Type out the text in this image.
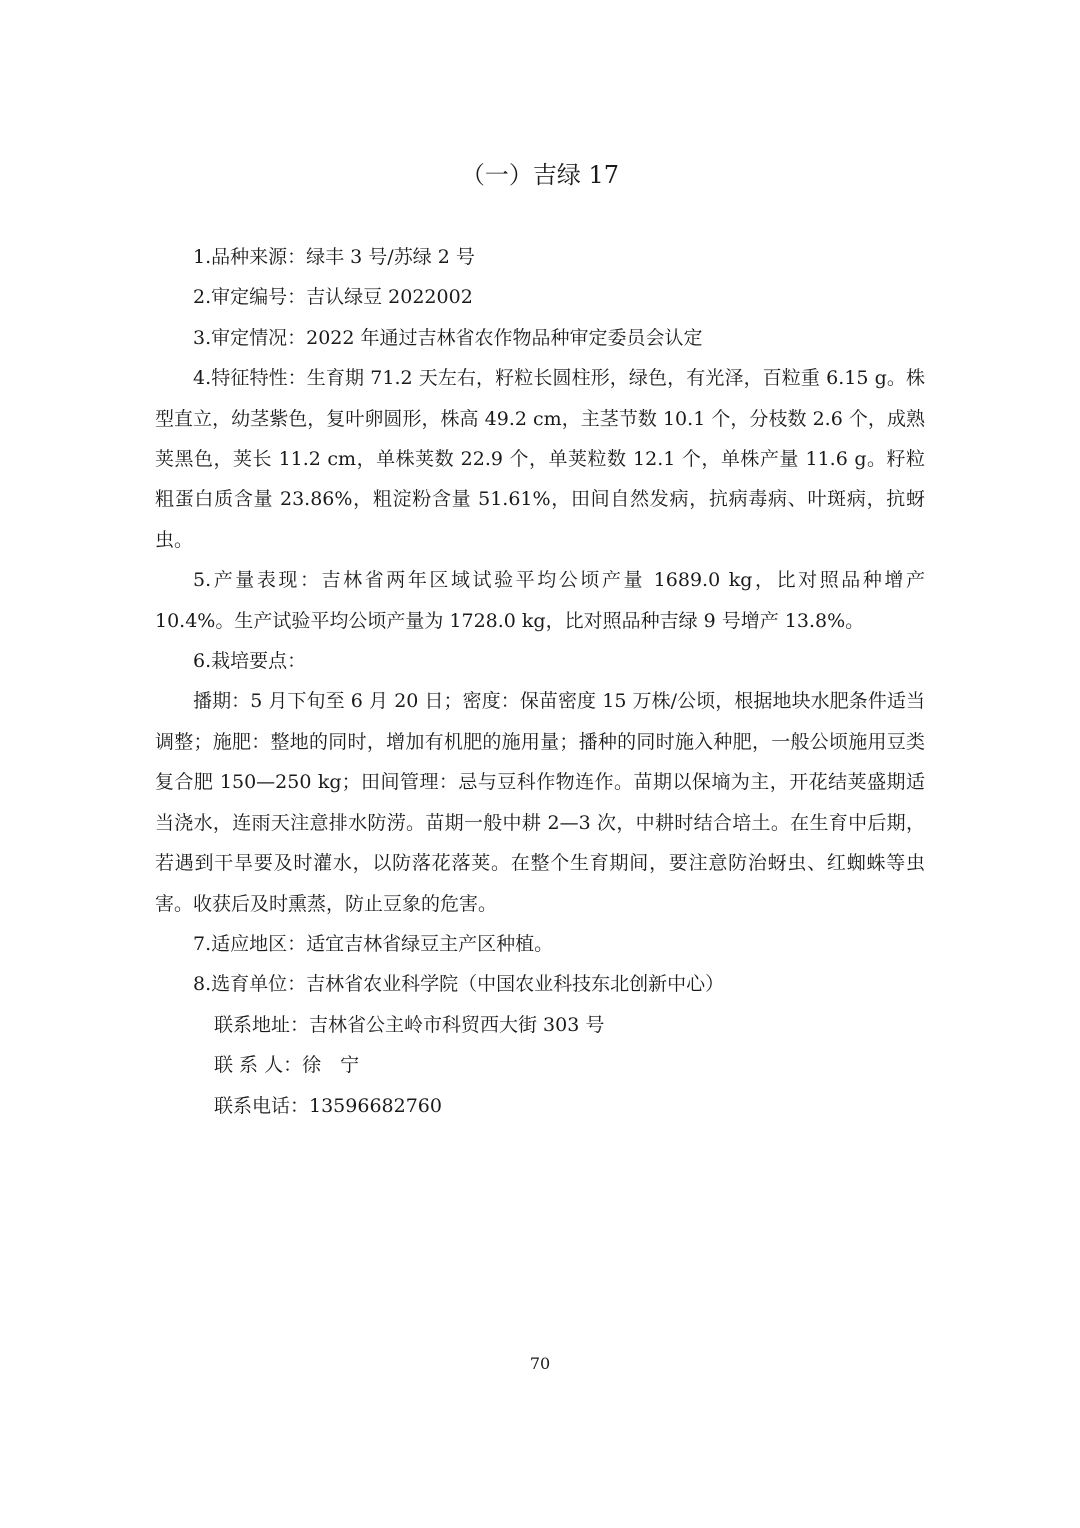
（一）吉绿 17

1.品种来源：绿丰 3 号/苏绿 2 号

2.审定编号：吉认绿豆 2022002

3.审定情况：2022 年通过吉林省农作物品种审定委员会认定

4.特征特性：生育期 71.2 天左右，籽粒长圆柱形，绿色，有光泽，百粒重 6.15 g。株型直立，幼茎紫色，复叶卵圆形，株高 49.2 cm，主茎节数 10.1 个，分枝数 2.6 个，成熟荚黑色，荚长 11.2 cm，单株荚数 22.9 个，单荚粒数 12.1 个，单株产量 11.6 g。籽粒粗蛋白质含量 23.86%，粗淀粉含量 51.61%，田间自然发病，抗病毒病、叶斑病，抗蚜虫。

5.产量表现：吉林省两年区域试验平均公顷产量 1689.0 kg，比对照品种增产 10.4%。生产试验平均公顷产量为 1728.0 kg，比对照品种吉绿 9 号增产 13.8%。

6.栽培要点：

播期：5 月下旬至 6 月 20 日；密度：保苗密度 15 万株/公顷，根据地块水肥条件适当调整；施肥：整地的同时，增加有机肥的施用量；播种的同时施入种肥，一般公顷施用豆类复合肥 150—250 kg；田间管理：忌与豆科作物连作。苗期以保墒为主，开花结荚盛期适当浇水，连雨天注意排水防涝。苗期一般中耕 2—3 次，中耕时结合培土。在生育中后期，若遇到干旱要及时灌水，以防落花落荚。在整个生育期间，要注意防治蚜虫、红蜘蛛等虫害。收获后及时熏蒸，防止豆象的危害。

7.适应地区：适宜吉林省绿豆主产区种植。

8.选育单位：吉林省农业科学院（中国农业科技东北创新中心）

联系地址：吉林省公主岭市科贸西大街 303 号

联 系 人：徐　宁

联系电话：13596682760

70
